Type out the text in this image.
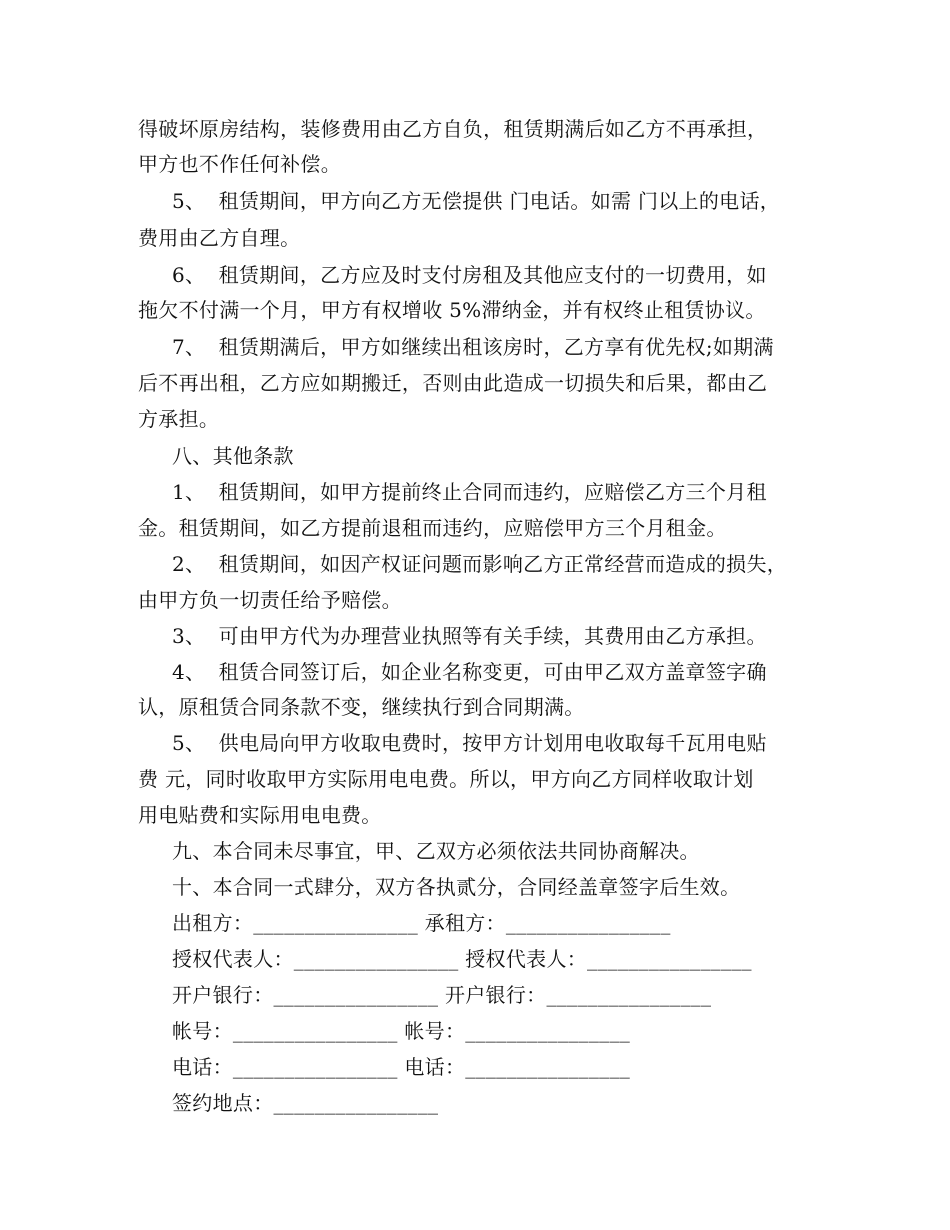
得破坏原房结构，装修费用由乙方自负，租赁期满后如乙方不再承担，
甲方也不作任何补偿。
5、  租赁期间，甲方向乙方无偿提供 门电话。如需 门以上的电话，
费用由乙方自理。
6、  租赁期间，乙方应及时支付房租及其他应支付的一切费用，如
拖欠不付满一个月，甲方有权增收 5%滞纳金，并有权终止租赁协议。
7、  租赁期满后，甲方如继续出租该房时，乙方享有优先权;如期满
后不再出租，乙方应如期搬迁，否则由此造成一切损失和后果，都由乙
方承担。
八、其他条款
1、  租赁期间，如甲方提前终止合同而违约，应赔偿乙方三个月租
金。租赁期间，如乙方提前退租而违约，应赔偿甲方三个月租金。
2、  租赁期间，如因产权证问题而影响乙方正常经营而造成的损失，
由甲方负一切责任给予赔偿。
3、  可由甲方代为办理营业执照等有关手续，其费用由乙方承担。
4、  租赁合同签订后，如企业名称变更，可由甲乙双方盖章签字确
认，原租赁合同条款不变，继续执行到合同期满。
5、  供电局向甲方收取电费时，按甲方计划用电收取每千瓦用电贴
费 元，同时收取甲方实际用电电费。所以，甲方向乙方同样收取计划
用电贴费和实际用电电费。
九、本合同未尽事宜，甲、乙双方必须依法共同协商解决。
十、本合同一式肆分，双方各执贰分，合同经盖章签字后生效。
出租方：________________ 承租方：________________
授权代表人：________________ 授权代表人：________________
开户银行：________________ 开户银行：________________
帐号：________________ 帐号：________________
电话：________________ 电话：________________
签约地点：________________
